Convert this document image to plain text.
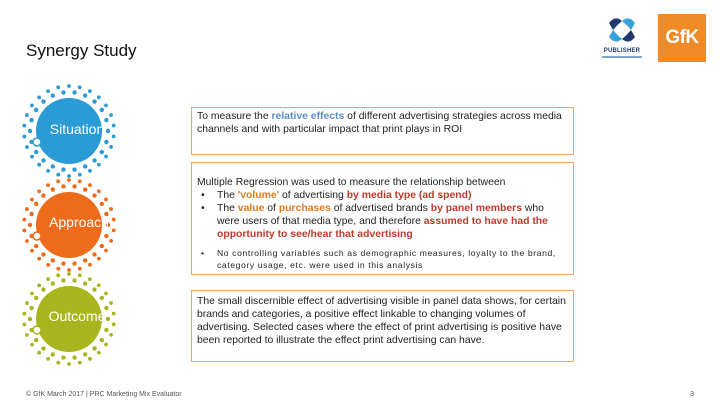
Synergy Study	PUBLISHER
GfK
Situation
Approach
Outcome
To measure the relative effects of different advertising strategies across media channels and with particular impact that print plays in ROI
Multiple Regression was used to measure the relationship between
•	The 'volume' of advertising by media type (ad spend)
•	The value of purchases of advertised brands by panel members who were users of that media type, and therefore assumed to have had the opportunity to see/hear that advertising
•	No controlling variables such as demographic measures, loyalty to the brand, category usage, etc. were used in this analysis
The small discernible effect of advertising visible in panel data shows, for certain brands and categories, a positive effect linkable to changing volumes of advertising. Selected cases where the effect of print advertising is positive have been reported to illustrate the effect print advertising can have.
© GfK March 2017 | PRC Marketing Mix Evaluator	3
